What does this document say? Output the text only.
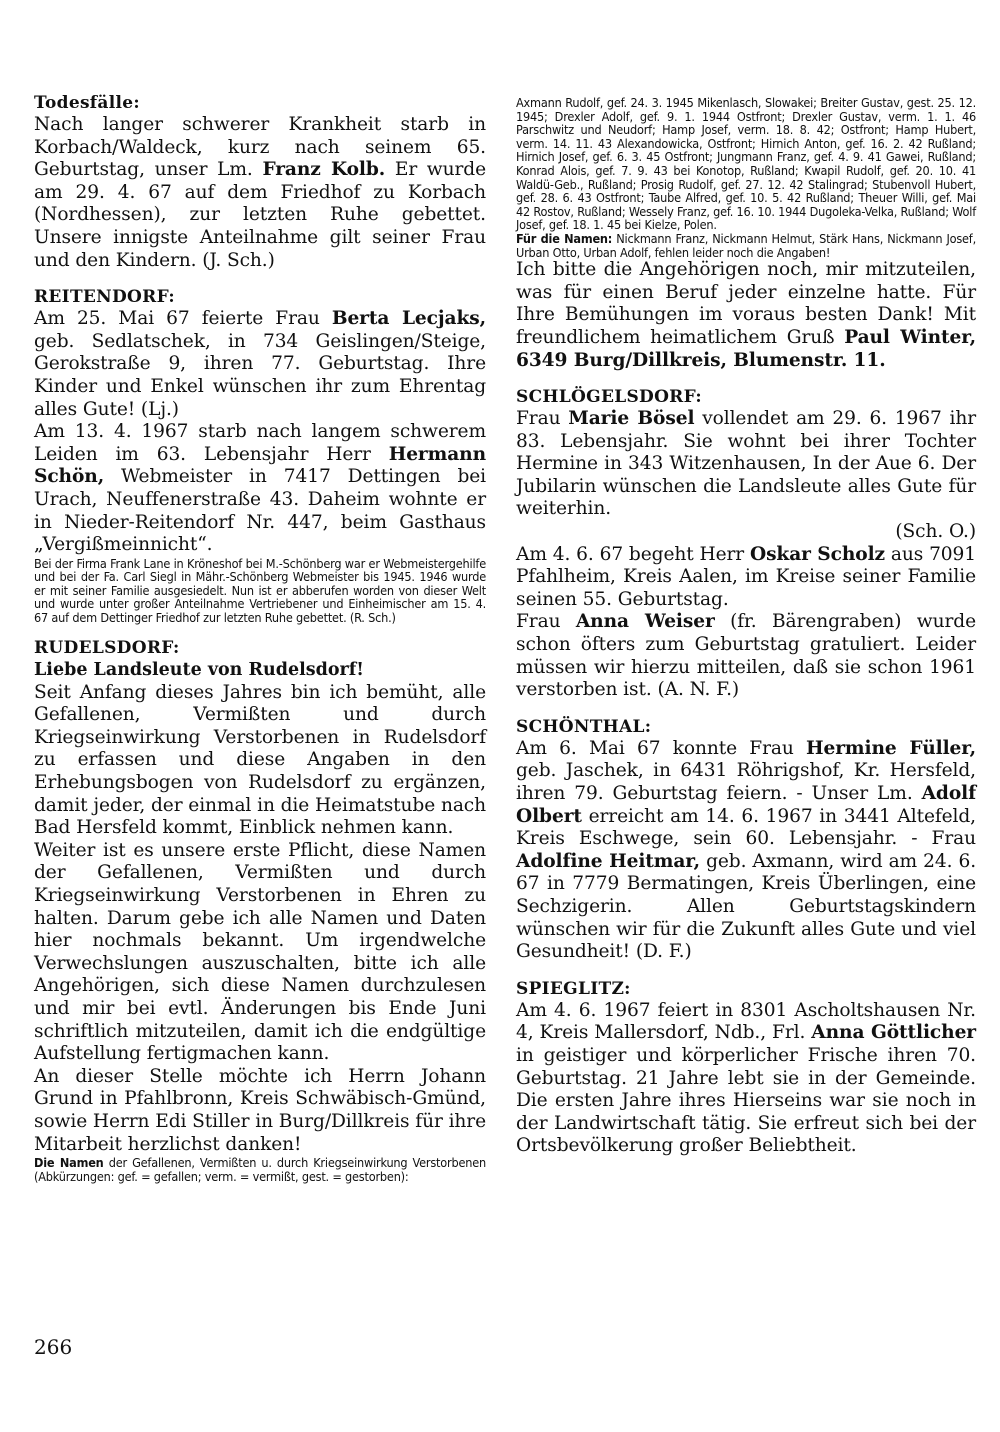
Todesfälle:

Nach langer schwerer Krankheit starb in Korbach/Waldeck, kurz nach seinem 65. Geburtstag, unser Lm. Franz Kolb. Er wurde am 29. 4. 67 auf dem Friedhof zu Korbach (Nordhessen), zur letzten Ruhe gebettet. Unsere innigste Anteilnahme gilt seiner Frau und den Kindern. (J. Sch.)

REITENDORF:

Am 25. Mai 67 feierte Frau Berta Lecjaks, geb. Sedlatschek, in 734 Geislingen/Steige, Gerokstraße 9, ihren 77. Geburtstag. Ihre Kinder und Enkel wünschen ihr zum Ehrentag alles Gute! (Lj.)

Am 13. 4. 1967 starb nach langem schwerem Leiden im 63. Lebensjahr Herr Hermann Schön, Webmeister in 7417 Dettingen bei Urach, Neuffenerstraße 43. Daheim wohnte er in Nieder-Reitendorf Nr. 447, beim Gasthaus „Vergißmeinnicht“.

Bei der Firma Frank Lane in Kröneshof bei M.-Schönberg war er Webmeistergehilfe und bei der Fa. Carl Siegl in Mähr.-Schönberg Webmeister bis 1945. 1946 wurde er mit seiner Familie ausgesiedelt. Nun ist er abberufen worden von dieser Welt und wurde unter großer Anteilnahme Vertriebener und Einheimischer am 15. 4. 67 auf dem Dettinger Friedhof zur letzten Ruhe gebettet. (R. Sch.)

RUDELSDORF:

Liebe Landsleute von Rudelsdorf!

Seit Anfang dieses Jahres bin ich bemüht, alle Gefallenen, Vermißten und durch Kriegseinwirkung Verstorbenen in Rudelsdorf zu erfassen und diese Angaben in den Erhebungsbogen von Rudelsdorf zu ergänzen, damit jeder, der einmal in die Heimatstube nach Bad Hersfeld kommt, Einblick nehmen kann.

Weiter ist es unsere erste Pflicht, diese Namen der Gefallenen, Vermißten und durch Kriegseinwirkung Verstorbenen in Ehren zu halten. Darum gebe ich alle Namen und Daten hier nochmals bekannt. Um irgendwelche Verwechslungen auszuschalten, bitte ich alle Angehörigen, sich diese Namen durchzulesen und mir bei evtl. Änderungen bis Ende Juni schriftlich mitzuteilen, damit ich die endgültige Aufstellung fertigmachen kann.

An dieser Stelle möchte ich Herrn Johann Grund in Pfahlbronn, Kreis Schwäbisch-Gmünd, sowie Herrn Edi Stiller in Burg/Dillkreis für ihre Mitarbeit herzlichst danken!

Die Namen der Gefallenen, Vermißten u. durch Kriegseinwirkung Verstorbenen (Abkürzungen: gef. = gefallen; verm. = vermißt, gest. = gestorben):

Axmann Rudolf, gef. 24. 3. 1945 Mikenlasch, Slowakei; Breiter Gustav, gest. 25. 12. 1945; Drexler Adolf, gef. 9. 1. 1944 Ostfront; Drexler Gustav, verm. 1. 1. 46 Parschwitz und Neudorf; Hamp Josef, verm. 18. 8. 42; Ostfront; Hamp Hubert, verm. 14. 11. 43 Alexandowicka, Ostfront; Hirnich Anton, gef. 16. 2. 42 Rußland; Hirnich Josef, gef. 6. 3. 45 Ostfront; Jungmann Franz, gef. 4. 9. 41 Gawei, Rußland; Konrad Alois, gef. 7. 9. 43 bei Konotop, Rußland; Kwapil Rudolf, gef. 20. 10. 41 Waldü-Geb., Rußland; Prosig Rudolf, gef. 27. 12. 42 Stalingrad; Stubenvoll Hubert, gef. 28. 6. 43 Ostfront; Taube Alfred, gef. 10. 5. 42 Rußland; Theuer Willi, gef. Mai 42 Rostov, Rußland; Wessely Franz, gef. 16. 10. 1944 Dugoleka-Velka, Rußland; Wolf Josef, gef. 18. 1. 45 bei Kielze, Polen.

Für die Namen: Nickmann Franz, Nickmann Helmut, Stärk Hans, Nickmann Josef, Urban Otto, Urban Adolf, fehlen leider noch die Angaben!

Ich bitte die Angehörigen noch, mir mitzuteilen, was für einen Beruf jeder einzelne hatte. Für Ihre Bemühungen im voraus besten Dank! Mit freundlichem heimatlichem Gruß Paul Winter, 6349 Burg/Dillkreis, Blumenstr. 11.

SCHLÖGELSDORF:

Frau Marie Bösel vollendet am 29. 6. 1967 ihr 83. Lebensjahr. Sie wohnt bei ihrer Tochter Hermine in 343 Witzenhausen, In der Aue 6. Der Jubilarin wünschen die Landsleute alles Gute für weiterhin.

(Sch. O.)

Am 4. 6. 67 begeht Herr Oskar Scholz aus 7091 Pfahlheim, Kreis Aalen, im Kreise seiner Familie seinen 55. Geburtstag.

Frau Anna Weiser (fr. Bärengraben) wurde schon öfters zum Geburtstag gratuliert. Leider müssen wir hierzu mitteilen, daß sie schon 1961 verstorben ist. (A. N. F.)

SCHÖNTHAL:

Am 6. Mai 67 konnte Frau Hermine Füller, geb. Jaschek, in 6431 Röhrigshof, Kr. Hersfeld, ihren 79. Geburtstag feiern. - Unser Lm. Adolf Olbert erreicht am 14. 6. 1967 in 3441 Altefeld, Kreis Eschwege, sein 60. Lebensjahr. - Frau Adolfine Heitmar, geb. Axmann, wird am 24. 6. 67 in 7779 Bermatingen, Kreis Überlingen, eine Sechzigerin. Allen Geburtstagskindern wünschen wir für die Zukunft alles Gute und viel Gesundheit! (D. F.)

SPIEGLITZ:

Am 4. 6. 1967 feiert in 8301 Ascholtshausen Nr. 4, Kreis Mallersdorf, Ndb., Frl. Anna Göttlicher in geistiger und körperlicher Frische ihren 70. Geburtstag. 21 Jahre lebt sie in der Gemeinde. Die ersten Jahre ihres Hierseins war sie noch in der Landwirtschaft tätig. Sie erfreut sich bei der Ortsbevölkerung großer Beliebtheit.

266
